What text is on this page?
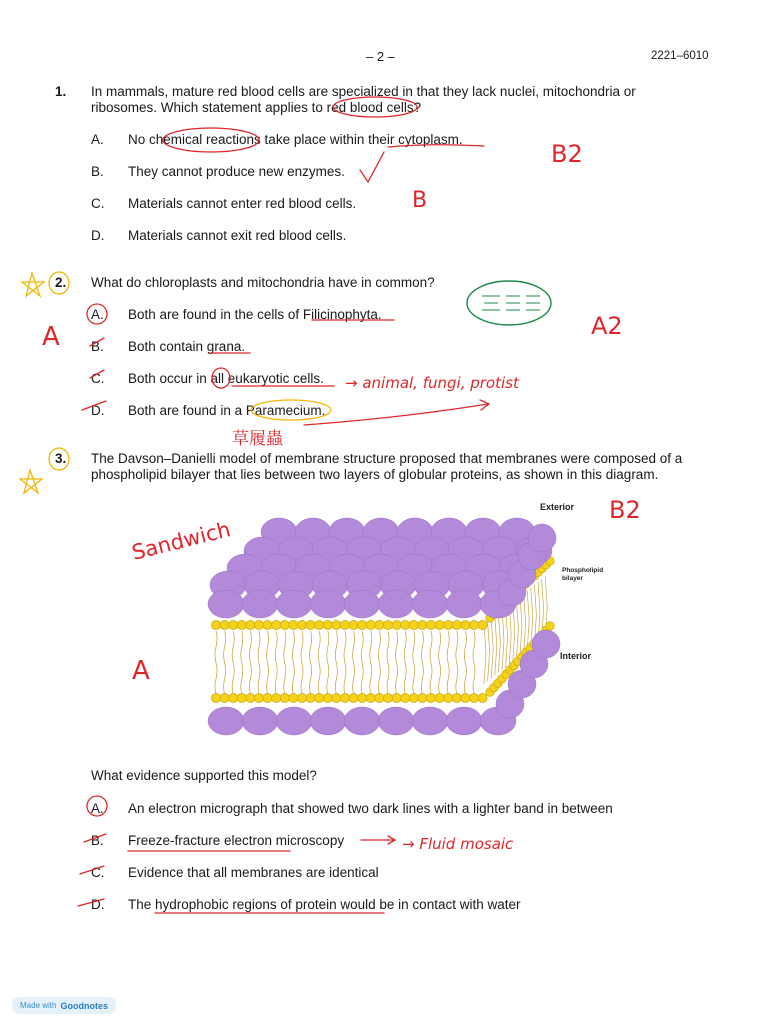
– 2 –	2221–6010
1. In mammals, mature red blood cells are specialized in that they lack nuclei, mitochondria or
ribosomes. Which statement applies to red blood cells?
A. No chemical reactions take place within their cytoplasm.
B. They cannot produce new enzymes.
C. Materials cannot enter red blood cells.
D. Materials cannot exit red blood cells.
2. What do chloroplasts and mitochondria have in common?
A. Both are found in the cells of Filicinophyta.
B. Both contain grana.
C. Both occur in all eukaryotic cells.
D. Both are found in a Paramecium.
3. The Davson–Danielli model of membrane structure proposed that membranes were composed of a
phospholipid bilayer that lies between two layers of globular proteins, as shown in this diagram.
Exterior
Phospholipid
bilayer
Interior
What evidence supported this model?
A. An electron micrograph that showed two dark lines with a lighter band in between
B. Freeze-fracture electron microscopy
C. Evidence that all membranes are identical
D. The hydrophobic regions of protein would be in contact with water
B2
B
A2
A
→ animal, fungi, protist
草履蟲
B2
A
Sandwich
→ Fluid mosaic
Made with Goodnotes
